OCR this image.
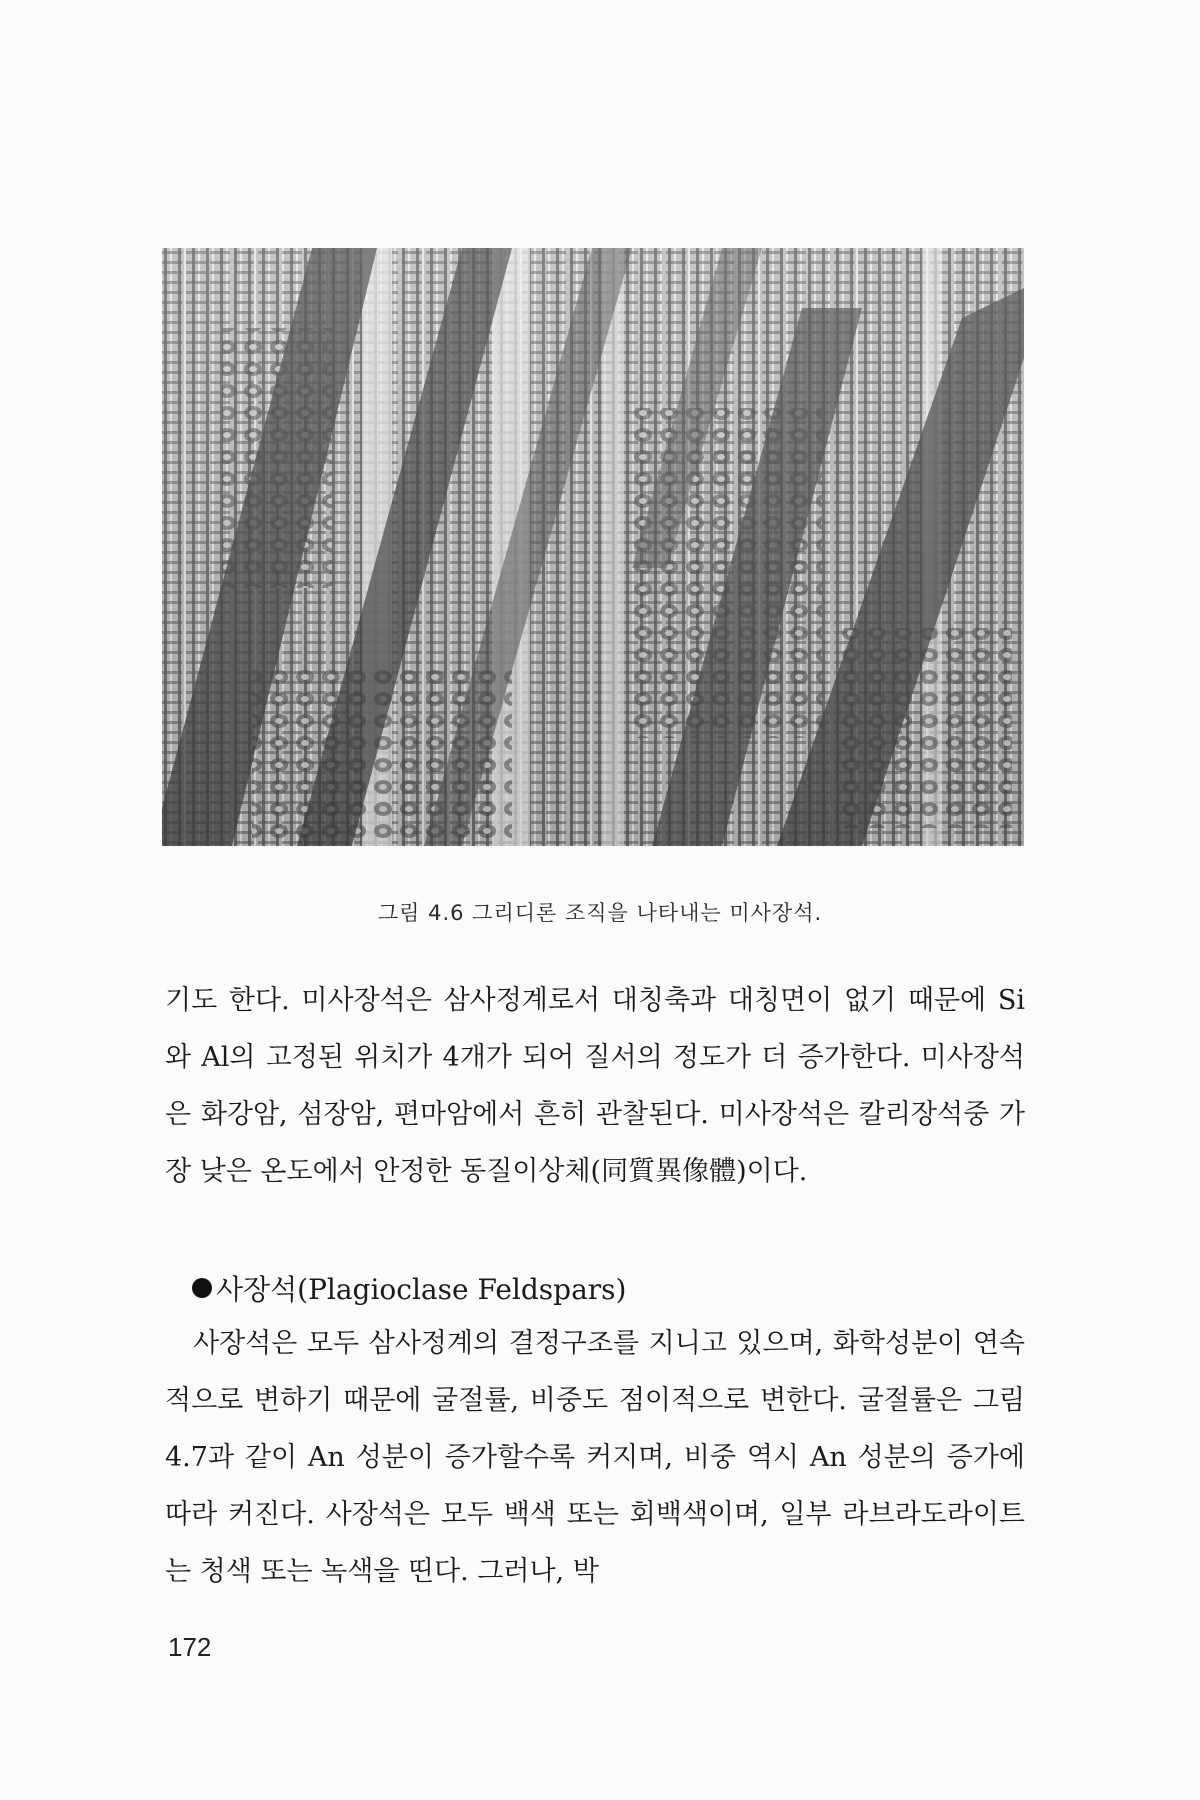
그림 4.6 그리디론 조직을 나타내는 미사장석.

기도 한다. 미사장석은 삼사정계로서 대칭축과 대칭면이 없기 때문에 Si와 Al의 고정된 위치가 4개가 되어 질서의 정도가 더 증가한다. 미사장석은 화강암, 섬장암, 편마암에서 흔히 관찰된다. 미사장석은 칼리장석중 가장 낮은 온도에서 안정한 동질이상체(同質異像體)이다.

사장석(Plagioclase Feldspars)

사장석은 모두 삼사정계의 결정구조를 지니고 있으며, 화학성분이 연속적으로 변하기 때문에 굴절률, 비중도 점이적으로 변한다. 굴절률은 그림 4.7과 같이 An 성분이 증가할수록 커지며, 비중 역시 An 성분의 증가에 따라 커진다. 사장석은 모두 백색 또는 회백색이며, 일부 라브라도라이트는 청색 또는 녹색을 띤다. 그러나, 박

172
